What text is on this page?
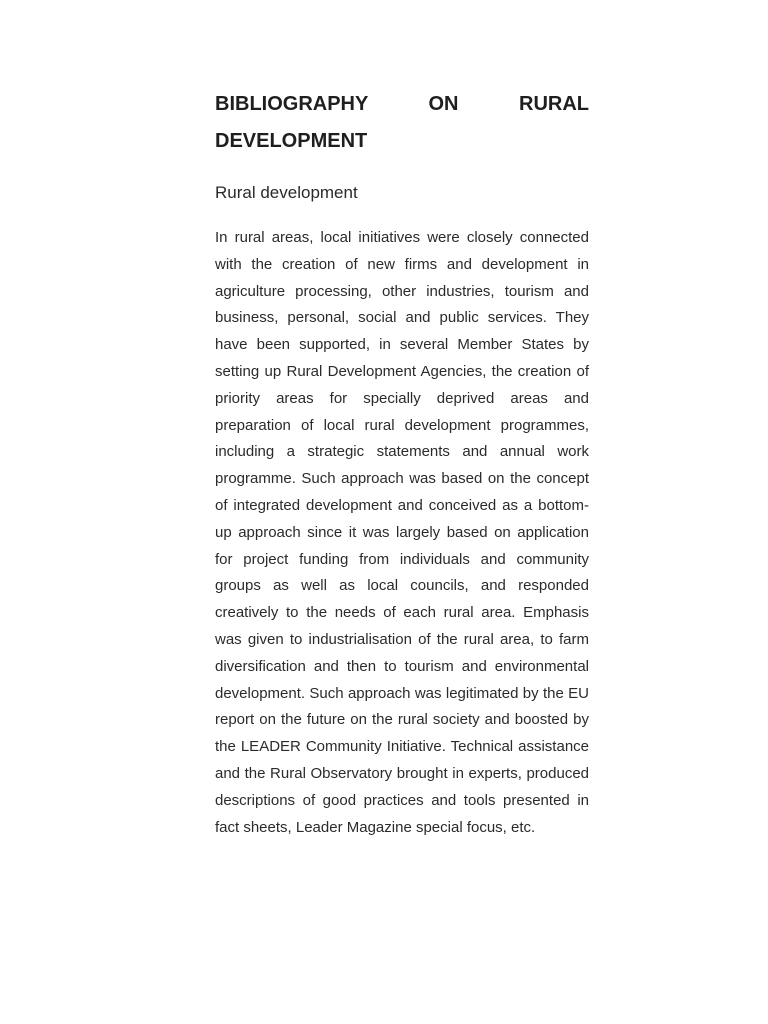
BIBLIOGRAPHY ON RURAL DEVELOPMENT
Rural development

In rural areas, local initiatives were closely connected with the creation of new firms and development in agriculture processing, other industries, tourism and business, personal, social and public services. They have been supported, in several Member States by setting up Rural Development Agencies, the creation of priority areas for specially deprived areas and preparation of local rural development programmes, including a strategic statements and annual work programme. Such approach was based on the concept of integrated development and conceived as a bottom-up approach since it was largely based on application for project funding from individuals and community groups as well as local councils, and responded creatively to the needs of each rural area. Emphasis was given to industrialisation of the rural area, to farm diversification and then to tourism and environmental development. Such approach was legitimated by the EU report on the future on the rural society and boosted by the LEADER Community Initiative. Technical assistance and the Rural Observatory brought in experts, produced descriptions of good practices and tools presented in fact sheets, Leader Magazine special focus, etc.
